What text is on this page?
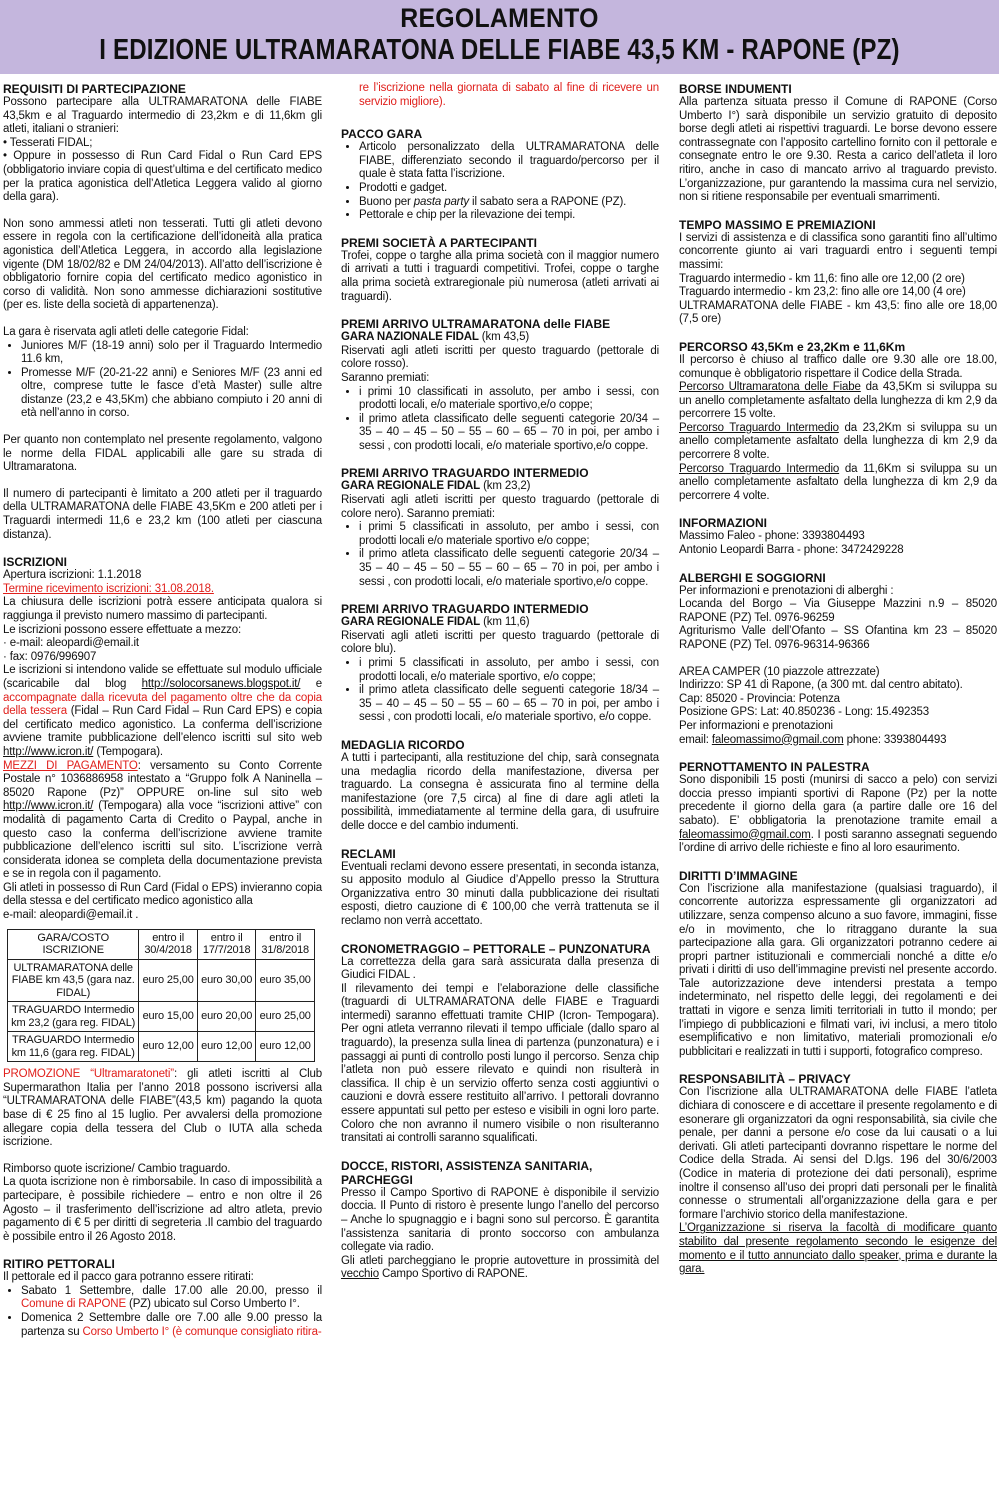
REGOLAMENTO
I EDIZIONE ULTRAMARATONA DELLE FIABE 43,5 KM - RAPONE (PZ)
REQUISITI DI PARTECIPAZIONE

Possono partecipare alla ULTRAMARATONA delle FIABE 43,5km e al Traguardo intermedio di 23,2km e di 11,6km gli atleti, italiani o stranieri:

• Tesserati FIDAL;

• Oppure in possesso di Run Card Fidal o Run Card EPS (obbligatorio inviare copia di quest’ultima e del certificato medico per la pratica agonistica dell’Atletica Leggera valido al giorno della gara).

Non sono ammessi atleti non tesserati. Tutti gli atleti devono essere in regola con la certificazione dell’idoneità alla pratica agonistica dell’Atletica Leggera, in accordo alla legislazione vigente (DM 18/02/82 e DM 24/04/2013). All’atto dell’iscrizione è obbligatorio fornire copia del certificato medico agonistico in corso di validità. Non sono ammesse dichiarazioni sostitutive (per es. liste della società di appartenenza).

La gara è riservata agli atleti delle categorie Fidal:

• Juniores M/F (18-19 anni) solo per il Traguardo Intermedio 11.6 km,
• Promesse M/F (20-21-22 anni) e Seniores M/F (23 anni ed oltre, comprese tutte le fasce d’età Master) sulle altre distanze (23,2 e 43,5Km) che abbiano compiuto i 20 anni di età nell’anno in corso.

Per quanto non contemplato nel presente regolamento, valgono le norme della FIDAL applicabili alle gare su strada di Ultramaratona.

Il numero di partecipanti è limitato a 200 atleti per il traguardo della ULTRAMARATONA delle FIABE 43,5Km e 200 atleti per i Traguardi intermedi 11,6 e 23,2 km (100 atleti per ciascuna distanza).

ISCRIZIONI

Apertura iscrizioni: 1.1.2018

Termine ricevimento iscrizioni: 31.08.2018.

La chiusura delle iscrizioni potrà essere anticipata qualora si raggiunga il previsto numero massimo di partecipanti.

Le iscrizioni possono essere effettuate a mezzo:

· e-mail: aleopardi@email.it

· fax: 0976/996907

Le iscrizioni si intendono valide se effettuate sul modulo ufficiale (scaricabile dal blog http://solocorsanews.blogspot.it/ e accompagnate dalla ricevuta del pagamento oltre che da copia della tessera (Fidal – Run Card Fidal – Run Card EPS) e copia del certificato medico agonistico. La conferma dell’iscrizione avviene tramite pubblicazione dell’elenco iscritti sul sito web http://www.icron.it/ (Tempogara).

MEZZI DI PAGAMENTO: versamento su Conto Corrente Postale n° 1036886958 intestato a “Gruppo folk A Naninella – 85020 Rapone (Pz)” OPPURE on-line sul sito web http://www.icron.it/ (Tempogara) alla voce “iscrizioni attive” con modalità di pagamento Carta di Credito o Paypal, anche in questo caso la conferma dell’iscrizione avviene tramite pubblicazione dell’elenco iscritti sul sito. L’iscrizione verrà considerata idonea se completa della documentazione prevista e se in regola con il pagamento.

Gli atleti in possesso di Run Card (Fidal o EPS) invieranno copia della stessa e del certificato medico agonistico alla

e-mail: aleopardi@email.it .

GARA/COSTO ISCRIZIONE	entro il 30/4/2018	entro il 17/7/2018	entro il 31/8/2018
ULTRAMARATONA delle FIABE km 43,5 (gara naz. FIDAL)	euro 25,00	euro 30,00	euro 35,00
TRAGUARDO Intermedio km 23,2 (gara reg. FIDAL)	euro 15,00	euro 20,00	euro 25,00
TRAGUARDO Intermedio km 11,6 (gara reg. FIDAL)	euro 12,00	euro 12,00	euro 12,00

PROMOZIONE “Ultramaratoneti”: gli atleti iscritti al Club Supermarathon Italia per l’anno 2018 possono iscriversi alla “ULTRAMARATONA delle FIABE”(43,5 km) pagando la quota base di € 25 fino al 15 luglio. Per avvalersi della promozione allegare copia della tessera del Club o IUTA alla scheda iscrizione.

Rimborso quote iscrizione/ Cambio traguardo.

La quota iscrizione non è rimborsabile. In caso di impossibilità a partecipare, è possibile richiedere – entro e non oltre il 26 Agosto – il trasferimento dell’iscrizione ad altro atleta, previo pagamento di € 5 per diritti di segreteria .Il cambio del traguardo è possibile entro il 26 Agosto 2018.

RITIRO PETTORALI

Il pettorale ed il pacco gara potranno essere ritirati:

• Sabato 1 Settembre, dalle 17.00 alle 20.00, presso il Comune di RAPONE (PZ) ubicato sul Corso Umberto I°.
• Domenica 2 Settembre dalle ore 7.00 alle 9.00 presso la partenza su Corso Umberto I° (è comunque consigliato ritira-

re l’iscrizione nella giornata di sabato al fine di ricevere un servizio migliore).

PACCO GARA
• Articolo personalizzato della ULTRAMARATONA delle FIABE, differenziato secondo il traguardo/percorso per il quale è stata fatta l’iscrizione.
• Prodotti e gadget.
• Buono per pasta party il sabato sera a RAPONE (PZ).
• Pettorale e chip per la rilevazione dei tempi.
PREMI SOCIETÀ A PARTECIPANTI

Trofei, coppe o targhe alla prima società con il maggior numero di arrivati a tutti i traguardi competitivi. Trofei, coppe o targhe alla prima società extraregionale più numerosa (atleti arrivati ai traguardi).

PREMI ARRIVO ULTRAMARATONA delle FIABE

GARA NAZIONALE FIDAL (km 43,5)

Riservati agli atleti iscritti per questo traguardo (pettorale di colore rosso).

Saranno premiati:

• i primi 10 classificati in assoluto, per ambo i sessi, con prodotti locali, e/o materiale sportivo,e/o coppe;
• il primo atleta classificato delle seguenti categorie 20/34 – 35 – 40 – 45 – 50 – 55 – 60 – 65 – 70 in poi, per ambo i sessi , con prodotti locali, e/o materiale sportivo,e/o coppe.
PREMI ARRIVO TRAGUARDO INTERMEDIO

GARA REGIONALE FIDAL (km 23,2)

Riservati agli atleti iscritti per questo traguardo (pettorale di colore nero). Saranno premiati:

• i primi 5 classificati in assoluto, per ambo i sessi, con prodotti locali e/o materiale sportivo e/o coppe;
• il primo atleta classificato delle seguenti categorie 20/34 – 35 – 40 – 45 – 50 – 55 – 60 – 65 – 70 in poi, per ambo i sessi , con prodotti locali, e/o materiale sportivo,e/o coppe.
PREMI ARRIVO TRAGUARDO INTERMEDIO

GARA REGIONALE FIDAL (km 11,6)

Riservati agli atleti iscritti per questo traguardo (pettorale di colore blu).

• i primi 5 classificati in assoluto, per ambo i sessi, con prodotti locali, e/o materiale sportivo, e/o coppe;
• il primo atleta classificato delle seguenti categorie 18/34 – 35 – 40 – 45 – 50 – 55 – 60 – 65 – 70 in poi, per ambo i sessi , con prodotti locali, e/o materiale sportivo, e/o coppe.
MEDAGLIA RICORDO

A tutti i partecipanti, alla restituzione del chip, sarà consegnata una medaglia ricordo della manifestazione, diversa per traguardo. La consegna è assicurata fino al termine della manifestazione (ore 7,5 circa) al fine di dare agli atleti la possibilità, immediatamente al termine della gara, di usufruire delle docce e del cambio indumenti.

RECLAMI

Eventuali reclami devono essere presentati, in seconda istanza, su apposito modulo al Giudice d’Appello presso la Struttura Organizzativa entro 30 minuti dalla pubblicazione dei risultati esposti, dietro cauzione di € 100,00 che verrà trattenuta se il reclamo non verrà accettato.

CRONOMETRAGGIO – PETTORALE – PUNZONATURA

La correttezza della gara sarà assicurata dalla presenza di Giudici FIDAL .

Il rilevamento dei tempi e l’elaborazione delle classifiche (traguardi di ULTRAMARATONA delle FIABE e Traguardi intermedi) saranno effettuati tramite CHIP (Icron- Tempogara). Per ogni atleta verranno rilevati il tempo ufficiale (dallo sparo al traguardo), la presenza sulla linea di partenza (punzonatura) e i passaggi ai punti di controllo posti lungo il percorso. Senza chip l’atleta non può essere rilevato e quindi non risulterà in classifica. Il chip è un servizio offerto senza costi aggiuntivi o cauzioni e dovrà essere restituito all’arrivo. I pettorali dovranno essere appuntati sul petto per esteso e visibili in ogni loro parte. Coloro che non avranno il numero visibile o non risulteranno transitati ai controlli saranno squalificati.

DOCCE, RISTORI, ASSISTENZA SANITARIA,
PARCHEGGI

Presso il Campo Sportivo di RAPONE è disponibile il servizio doccia. Il Punto di ristoro è presente lungo l’anello del percorso – Anche lo spugnaggio e i bagni sono sul percorso. È garantita l’assistenza sanitaria di pronto soccorso con ambulanza collegate via radio.

Gli atleti parcheggiano le proprie autovetture in prossimità del vecchio Campo Sportivo di RAPONE.

BORSE INDUMENTI

Alla partenza situata presso il Comune di RAPONE (Corso Umberto I°) sarà disponibile un servizio gratuito di deposito borse degli atleti ai rispettivi traguardi. Le borse devono essere contrassegnate con l’apposito cartellino fornito con il pettorale e consegnate entro le ore 9.30. Resta a carico dell’atleta il loro ritiro, anche in caso di mancato arrivo al traguardo previsto. L’organizzazione, pur garantendo la massima cura nel servizio, non si ritiene responsabile per eventuali smarrimenti.

TEMPO MASSIMO E PREMIAZIONI

I servizi di assistenza e di classifica sono garantiti fino all’ultimo concorrente giunto ai vari traguardi entro i seguenti tempi massimi:

Traguardo intermedio - km 11,6: fino alle ore 12,00 (2 ore)

Traguardo intermedio - km 23,2: fino alle ore 14,00 (4 ore)

ULTRAMARATONA delle FIABE - km 43,5: fino alle ore 18,00 (7,5 ore)

PERCORSO 43,5Km e 23,2Km e 11,6Km

Il percorso è chiuso al traffico dalle ore 9.30 alle ore 18.00, comunque è obbligatorio rispettare il Codice della Strada.

Percorso Ultramaratona delle Fiabe da 43,5Km si sviluppa su un anello completamente asfaltato della lunghezza di km 2,9 da percorrere 15 volte.

Percorso Traguardo Intermedio da 23,2Km si sviluppa su un anello completamente asfaltato della lunghezza di km 2,9 da percorrere 8 volte.

Percorso Traguardo Intermedio da 11,6Km si sviluppa su un anello completamente asfaltato della lunghezza di km 2,9 da percorrere 4 volte.

INFORMAZIONI

Massimo Faleo - phone: 3393804493

Antonio Leopardi Barra - phone: 3472429228

ALBERGHI E SOGGIORNI

Per informazioni e prenotazioni di alberghi :

Locanda del Borgo – Via Giuseppe Mazzini n.9 – 85020 RAPONE (PZ) Tel. 0976-96259

Agriturismo Valle dell’Ofanto – SS Ofantina km 23 – 85020 RAPONE (PZ) Tel. 0976-96314-96366

AREA CAMPER (10 piazzole attrezzate)

Indirizzo: SP 41 di Rapone, (a 300 mt. dal centro abitato).

Cap: 85020 - Provincia: Potenza

Posizione GPS: Lat: 40.850236 - Long: 15.492353

Per informazioni e prenotazioni

email: faleomassimo@gmail.com phone: 3393804493

PERNOTTAMENTO IN PALESTRA

Sono disponibili 15 posti (munirsi di sacco a pelo) con servizi doccia presso impianti sportivi di Rapone (Pz) per la notte precedente il giorno della gara (a partire dalle ore 16 del sabato). E’ obbligatoria la prenotazione tramite email a faleomassimo@gmail.com. I posti saranno assegnati seguendo l’ordine di arrivo delle richieste e fino al loro esaurimento.

DIRITTI D’IMMAGINE

Con l’iscrizione alla manifestazione (qualsiasi traguardo), il concorrente autorizza espressamente gli organizzatori ad utilizzare, senza compenso alcuno a suo favore, immagini, fisse e/o in movimento, che lo ritraggano durante la sua partecipazione alla gara. Gli organizzatori potranno cedere ai propri partner istituzionali e commerciali nonché a ditte e/o privati i diritti di uso dell’immagine previsti nel presente accordo. Tale autorizzazione deve intendersi prestata a tempo indeterminato, nel rispetto delle leggi, dei regolamenti e dei trattati in vigore e senza limiti territoriali in tutto il mondo; per l’impiego di pubblicazioni e filmati vari, ivi inclusi, a mero titolo esemplificativo e non limitativo, materiali promozionali e/o pubblicitari e realizzati in tutti i supporti, fotografico compreso.

RESPONSABILITÀ – PRIVACY

Con l’iscrizione alla ULTRAMARATONA delle FIABE l’atleta dichiara di conoscere e di accettare il presente regolamento e di esonerare gli organizzatori da ogni responsabilità, sia civile che penale, per danni a persone e/o cose da lui causati o a lui derivati. Gli atleti partecipanti dovranno rispettare le norme del Codice della Strada. Ai sensi del D.lgs. 196 del 30/6/2003 (Codice in materia di protezione dei dati personali), esprime inoltre il consenso all’uso dei propri dati personali per le finalità connesse o strumentali all’organizzazione della gara e per formare l’archivio storico della manifestazione.

L’Organizzazione si riserva la facoltà di modificare quanto stabilito dal presente regolamento secondo le esigenze del momento e il tutto annunciato dallo speaker, prima e durante la gara.
